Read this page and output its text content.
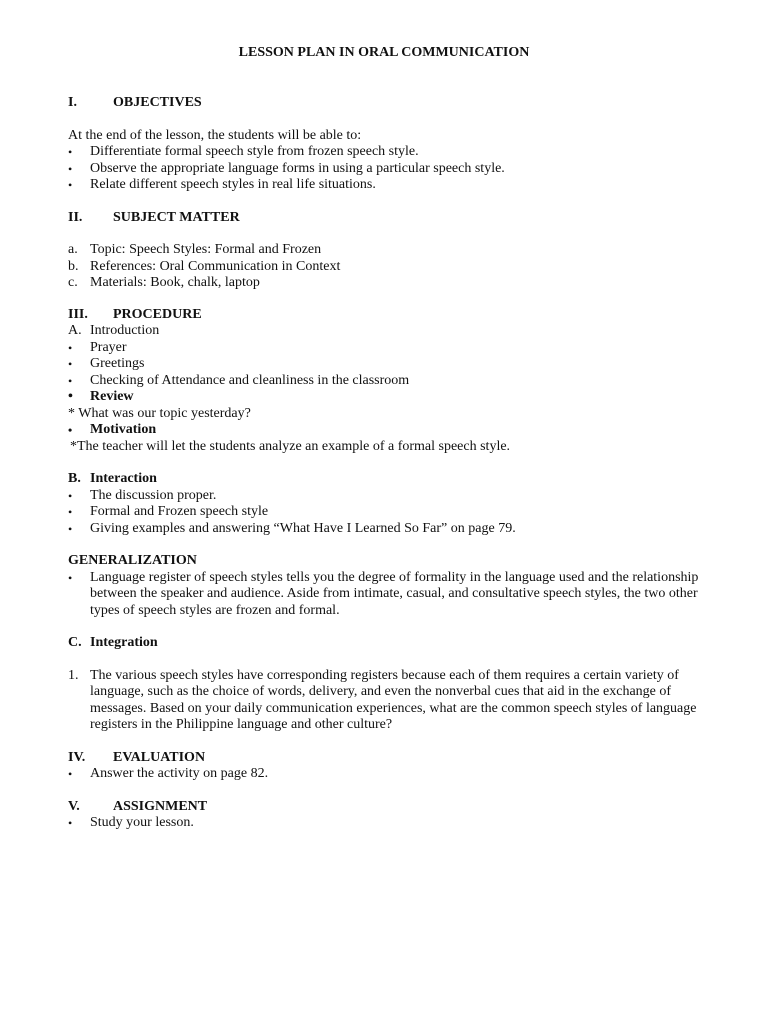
LESSON PLAN IN ORAL COMMUNICATION
I.	OBJECTIVES
At the end of the lesson, the students will be able to:
•	Differentiate formal speech style from frozen speech style.
•	Observe the appropriate language forms in using a particular speech style.
•	Relate different speech styles in real life situations.
II.	SUBJECT MATTER
a. Topic: Speech Styles: Formal and Frozen
b. References: Oral Communication in Context
c. Materials: Book, chalk, laptop
III.	PROCEDURE
A. Introduction
•	Prayer
•	Greetings
•	Checking of Attendance and cleanliness in the classroom
•	Review
* What was our topic yesterday?
•	Motivation
*The teacher will let the students analyze an example of a formal speech style.
B. Interaction
•	The discussion proper.
•	Formal and Frozen speech style
•	Giving examples and answering “What Have I Learned So Far” on page 79.
GENERALIZATION
•	Language register of speech styles tells you the degree of formality in the language used and the relationship between the speaker and audience. Aside from intimate, casual, and consultative speech styles, the two other types of speech styles are frozen and formal.
C. Integration
1. The various speech styles have corresponding registers because each of them requires a certain variety of language, such as the choice of words, delivery, and even the nonverbal cues that aid in the exchange of messages. Based on your daily communication experiences, what are the common speech styles of language registers in the Philippine language and other culture?
IV.	EVALUATION
•	Answer the activity on page 82.
V.	ASSIGNMENT
•	Study your lesson.
